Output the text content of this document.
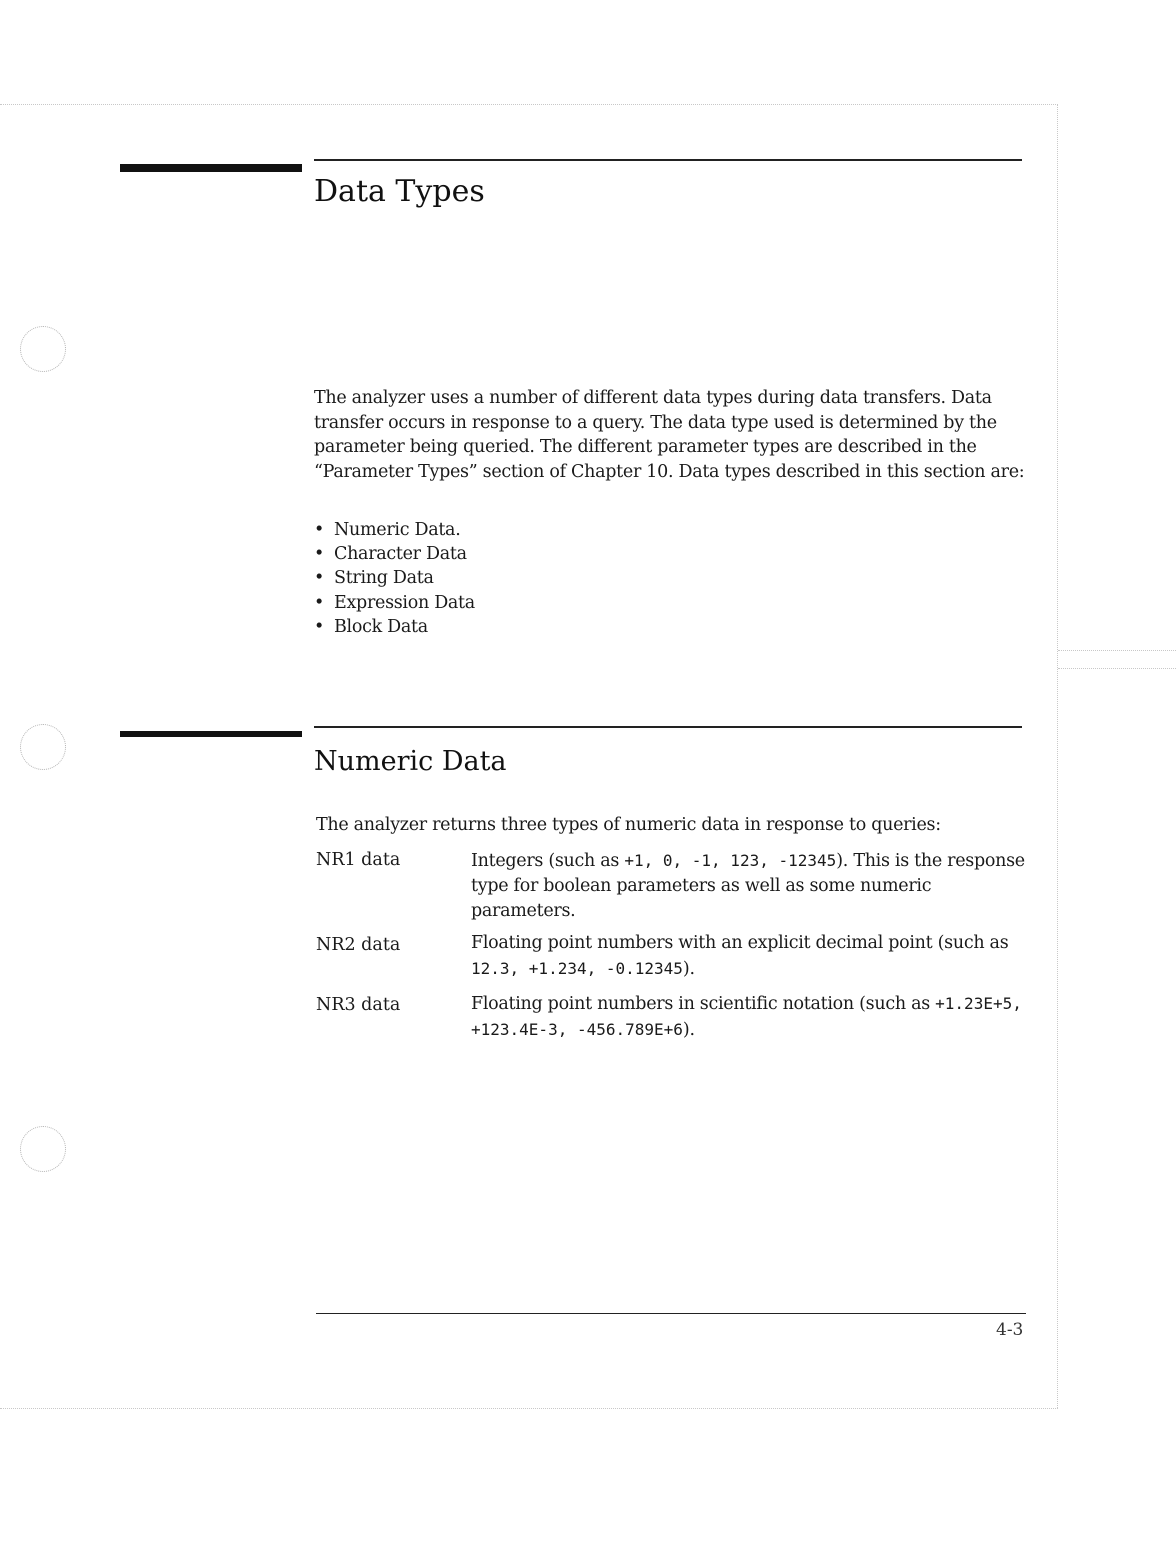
Data Types

The analyzer uses a number of different data types during data transfers. Data transfer occurs in response to a query. The data type used is determined by the parameter being queried. The different parameter types are described in the “Parameter Types” section of Chapter 10. Data types described in this section are:

• Numeric Data.
• Character Data
• String Data
• Expression Data
• Block Data
Numeric Data

The analyzer returns three types of numeric data in response to queries:

NR1 data	Integers (such as +1, 0, -1, 123, -12345). This is the response type for boolean parameters as well as some numeric parameters.
NR2 data	Floating point numbers with an explicit decimal point (such as 12.3, +1.234, -0.12345).
NR3 data	Floating point numbers in scientific notation (such as +1.23E+5, +123.4E-3, -456.789E+6).
4-3
